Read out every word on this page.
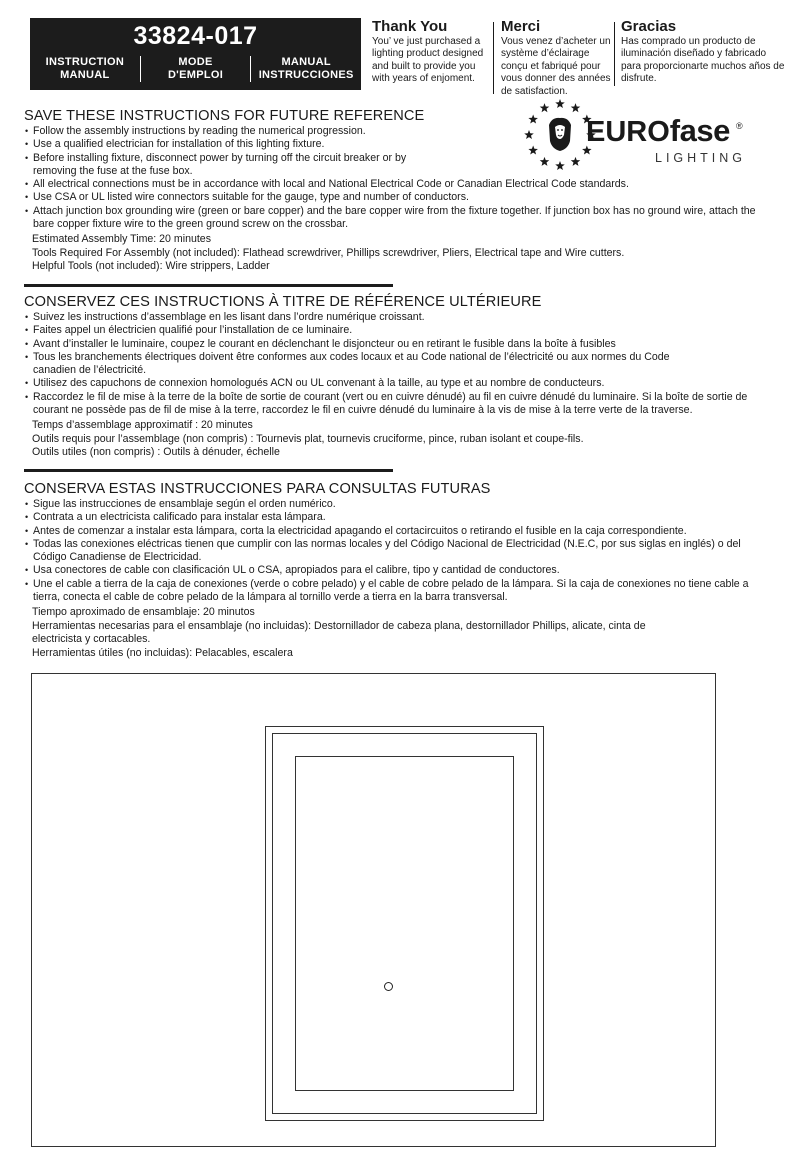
33824-017
INSTRUCTION
MANUAL
MODE
D'EMPLOI
MANUAL
INSTRUCCIONES
Thank You
You’ ve just purchased a
lighting product designed
and built to provide you
with years of enjoment.
Merci
Vous venez d’acheter un
système d’éclairage
conçu et fabriqué pour
vous donner des années
de satisfaction.
Gracias
Has comprado un producto de
iluminación diseñado y fabricado
para proporcionarte muchos años de
disfrute.
EUROfase ®
LIGHTING
SAVE THESE INSTRUCTIONS FOR FUTURE REFERENCE
• Follow the assembly instructions by reading the numerical progression.
• Use a qualified electrician for installation of this lighting fixture.
• Before installing fixture, disconnect power by turning off the circuit breaker or by removing the fuse at the fuse box.
• All electrical connections must be in accordance with local and National Electrical Code or Canadian Electrical Code standards.
• Use CSA or UL listed wire connectors suitable for the gauge, type and number of conductors.
• Attach junction box grounding wire (green or bare copper) and the bare copper wire from the fixture together. If junction box has no ground wire, attach the bare copper fixture wire to the green ground screw on the crossbar.
Estimated Assembly Time: 20 minutes
Tools Required For Assembly (not included): Flathead screwdriver, Phillips screwdriver, Pliers, Electrical tape and Wire cutters.
Helpful Tools (not included): Wire strippers, Ladder
CONSERVEZ CES INSTRUCTIONS À TITRE DE RÉFÉRENCE ULTÉRIEURE
• Suivez les instructions d’assemblage en les lisant dans l’ordre numérique croissant.
• Faites appel un électricien qualifié pour l’installation de ce luminaire.
• Avant d’installer le luminaire, coupez le courant en déclenchant le disjoncteur ou en retirant le fusible dans la boîte à fusibles
• Tous les branchements électriques doivent être conformes aux codes locaux et au Code national de l’électricité ou aux normes du Code canadien de l’électricité.
• Utilisez des capuchons de connexion homologués ACN ou UL convenant à la taille, au type et au nombre de conducteurs.
• Raccordez le fil de mise à la terre de la boîte de sortie de courant (vert ou en cuivre dénudé) au fil en cuivre dénudé du luminaire. Si la boîte de sortie de courant ne possède pas de fil de mise à la terre, raccordez le fil en cuivre dénudé du luminaire à la vis de mise à la terre verte de la traverse.
Temps d’assemblage approximatif : 20 minutes
Outils requis pour l’assemblage (non compris) : Tournevis plat, tournevis cruciforme, pince, ruban isolant et coupe-fils.
Outils utiles (non compris) : Outils à dénuder, échelle
CONSERVA ESTAS INSTRUCCIONES PARA CONSULTAS FUTURAS
• Sigue las instrucciones de ensamblaje según el orden numérico.
• Contrata a un electricista calificado para instalar esta lámpara.
• Antes de comenzar a instalar esta lámpara, corta la electricidad apagando el cortacircuitos o retirando el fusible en la caja correspondiente.
• Todas las conexiones eléctricas tienen que cumplir con las normas locales y del Código Nacional de Electricidad (N.E.C, por sus siglas en inglés) o del Código Canadiense de Electricidad.
• Usa conectores de cable con clasificación UL o CSA, apropiados para el calibre, tipo y cantidad de conductores.
• Une el cable a tierra de la caja de conexiones (verde o cobre pelado) y el cable de cobre pelado de la lámpara. Si la caja de conexiones no tiene cable a tierra, conecta el cable de cobre pelado de la lámpara al tornillo verde a tierra en la barra transversal.
Tiempo aproximado de ensamblaje: 20 minutos
Herramientas necesarias para el ensamblaje (no incluidas): Destornillador de cabeza plana, destornillador Phillips, alicate, cinta de electricista y cortacables.
Herramientas útiles (no incluidas): Pelacables, escalera
